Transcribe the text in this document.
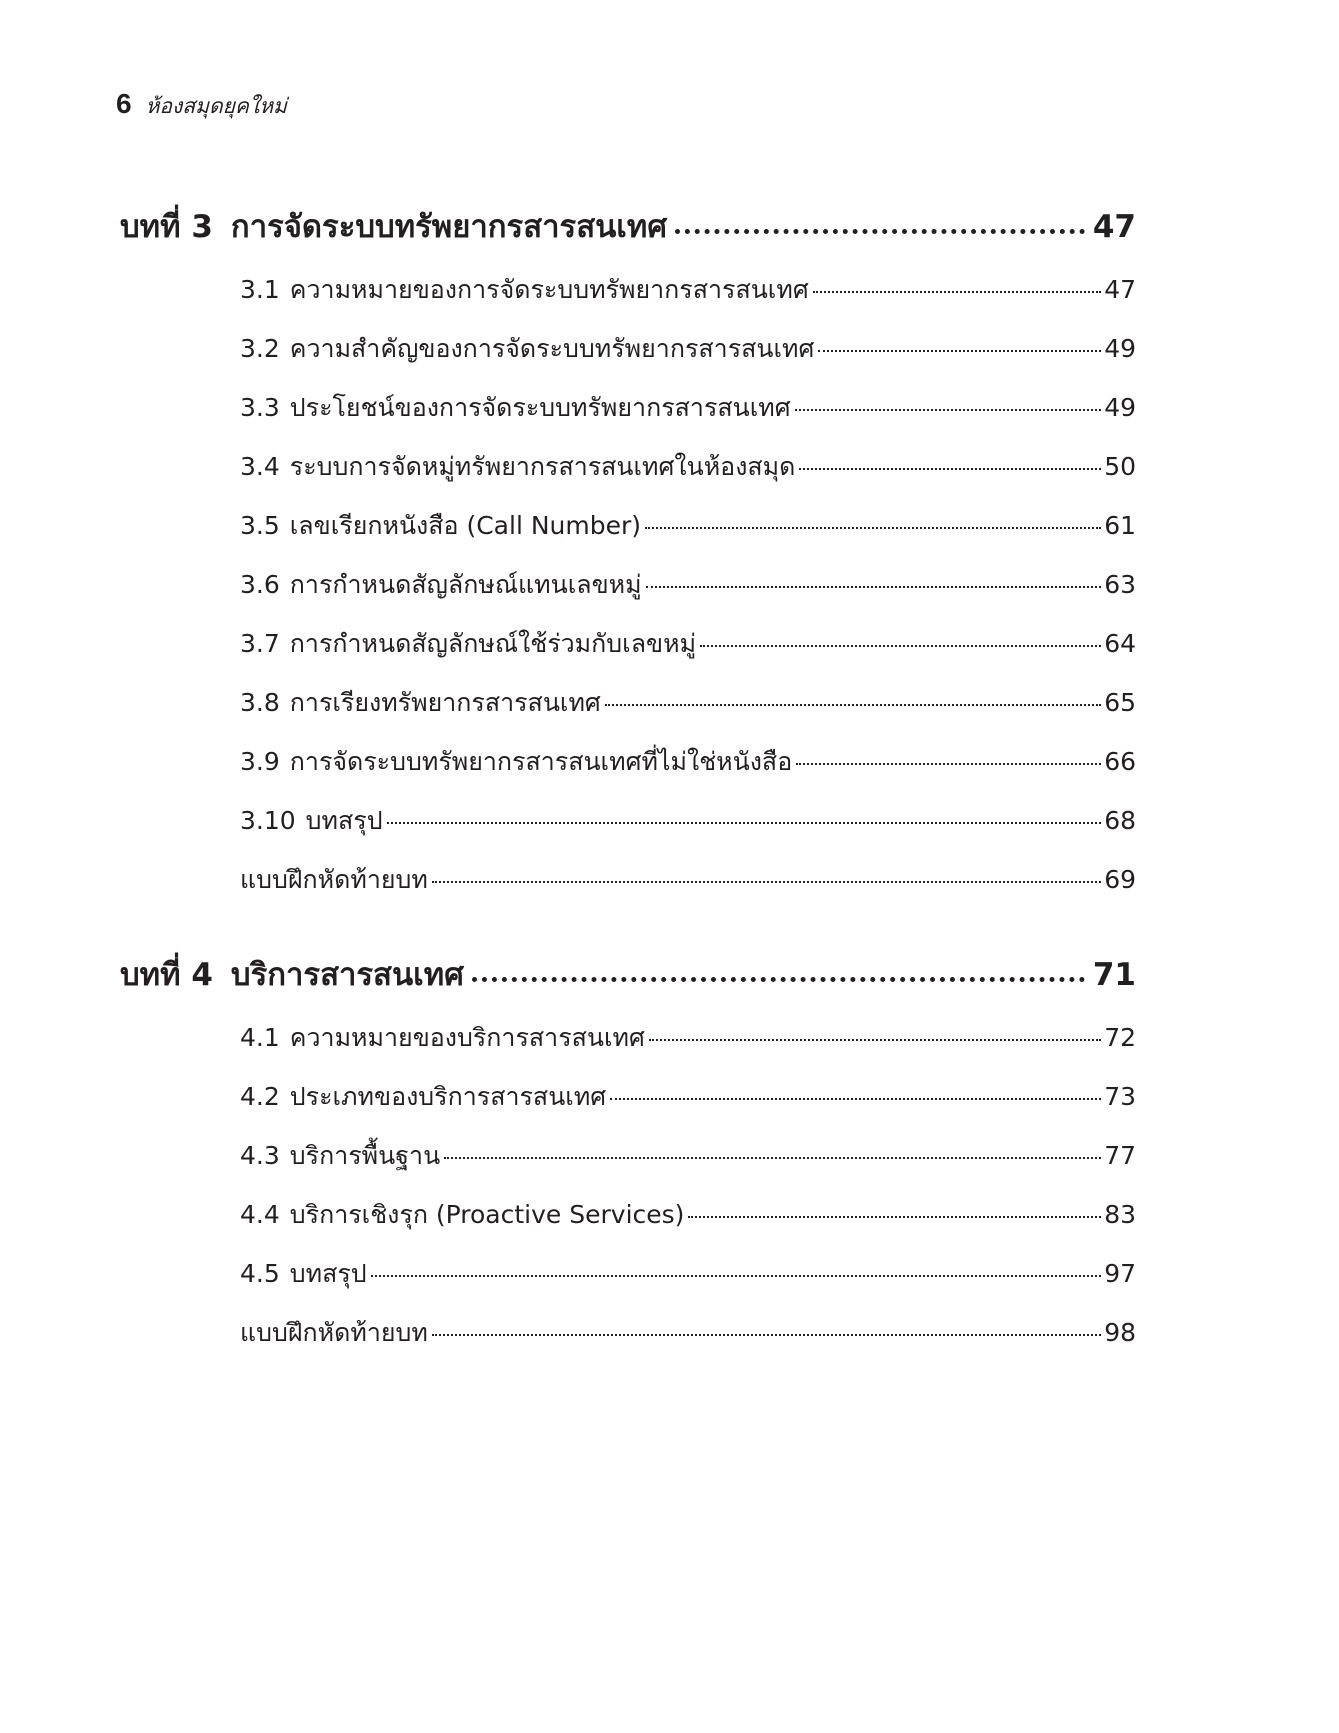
6 ห้องสมุดยุคใหม่
บทที่ 3 การจัดระบบทรัพยากรสารสนเทศ	47
3.1 ความหมายของการจัดระบบทรัพยากรสารสนเทศ	47
3.2 ความสำคัญของการจัดระบบทรัพยากรสารสนเทศ	49
3.3 ประโยชน์ของการจัดระบบทรัพยากรสารสนเทศ	49
3.4 ระบบการจัดหมู่ทรัพยากรสารสนเทศในห้องสมุด	50
3.5 เลขเรียกหนังสือ (Call Number)	61
3.6 การกำหนดสัญลักษณ์แทนเลขหมู่	63
3.7 การกำหนดสัญลักษณ์ใช้ร่วมกับเลขหมู่	64
3.8 การเรียงทรัพยากรสารสนเทศ	65
3.9 การจัดระบบทรัพยากรสารสนเทศที่ไม่ใช่หนังสือ	66
3.10 บทสรุป	68
แบบฝึกหัดท้ายบท	69
บทที่ 4 บริการสารสนเทศ	71
4.1 ความหมายของบริการสารสนเทศ	72
4.2 ประเภทของบริการสารสนเทศ	73
4.3 บริการพื้นฐาน	77
4.4 บริการเชิงรุก (Proactive Services)	83
4.5 บทสรุป	97
แบบฝึกหัดท้ายบท	98
